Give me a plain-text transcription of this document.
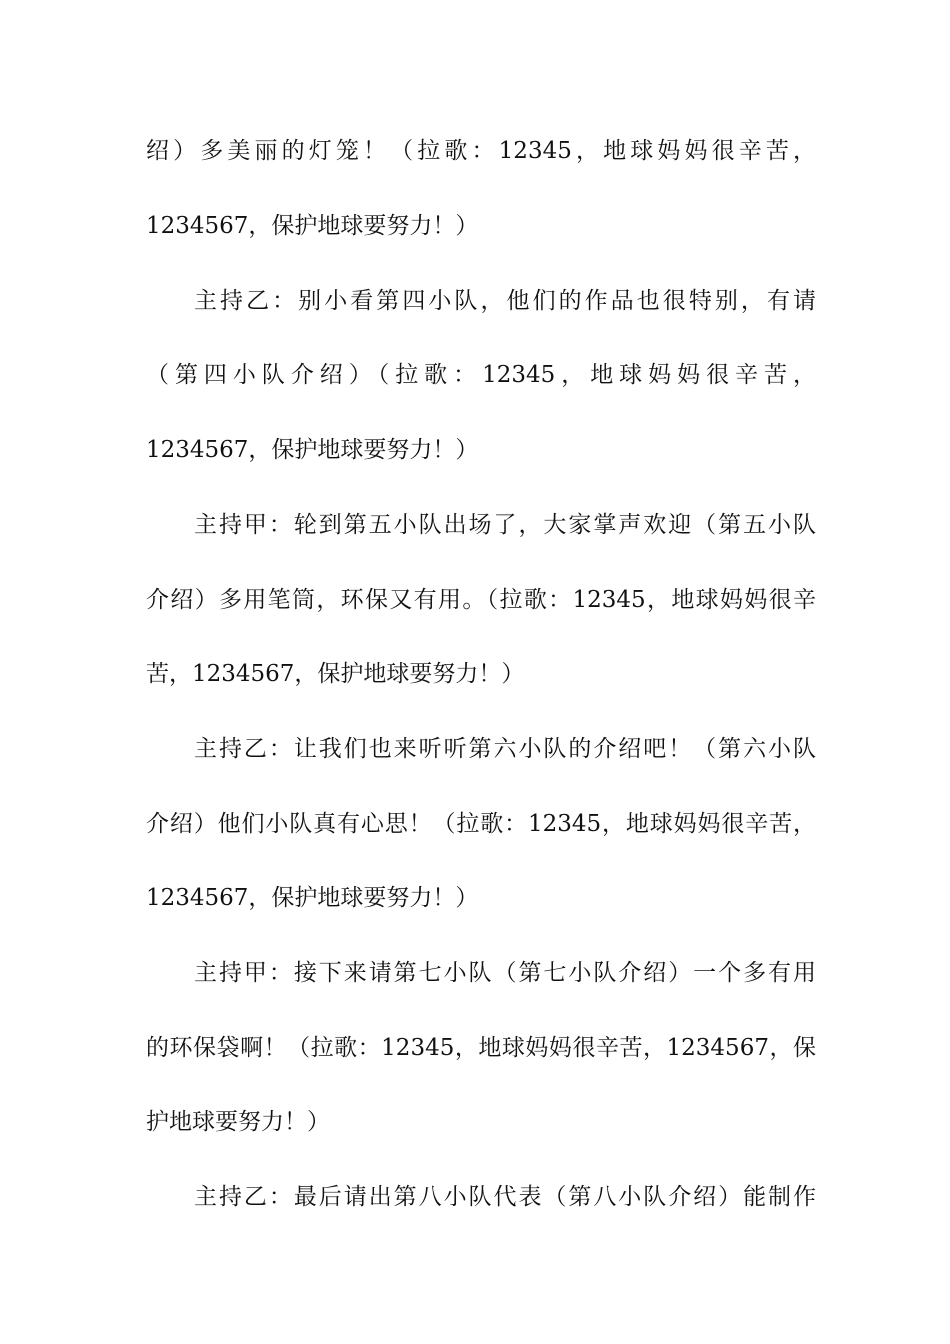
绍）多美丽的灯笼！（拉歌：12345，地球妈妈很辛苦，
1234567，保护地球要努力！）
主持乙：别小看第四小队，他们的作品也很特别，有请
（第四小队介绍）（拉歌：12345，地球妈妈很辛苦，
1234567，保护地球要努力！）
主持甲：轮到第五小队出场了，大家掌声欢迎（第五小队
介绍）多用笔筒，环保又有用。（拉歌：12345，地球妈妈很辛
苦，1234567，保护地球要努力！）
主持乙：让我们也来听听第六小队的介绍吧！（第六小队
介绍）他们小队真有心思！（拉歌：12345，地球妈妈很辛苦，
1234567，保护地球要努力！）
主持甲：接下来请第七小队（第七小队介绍）一个多有用
的环保袋啊！（拉歌：12345，地球妈妈很辛苦，1234567，保
护地球要努力！）
主持乙：最后请出第八小队代表（第八小队介绍）能制作
